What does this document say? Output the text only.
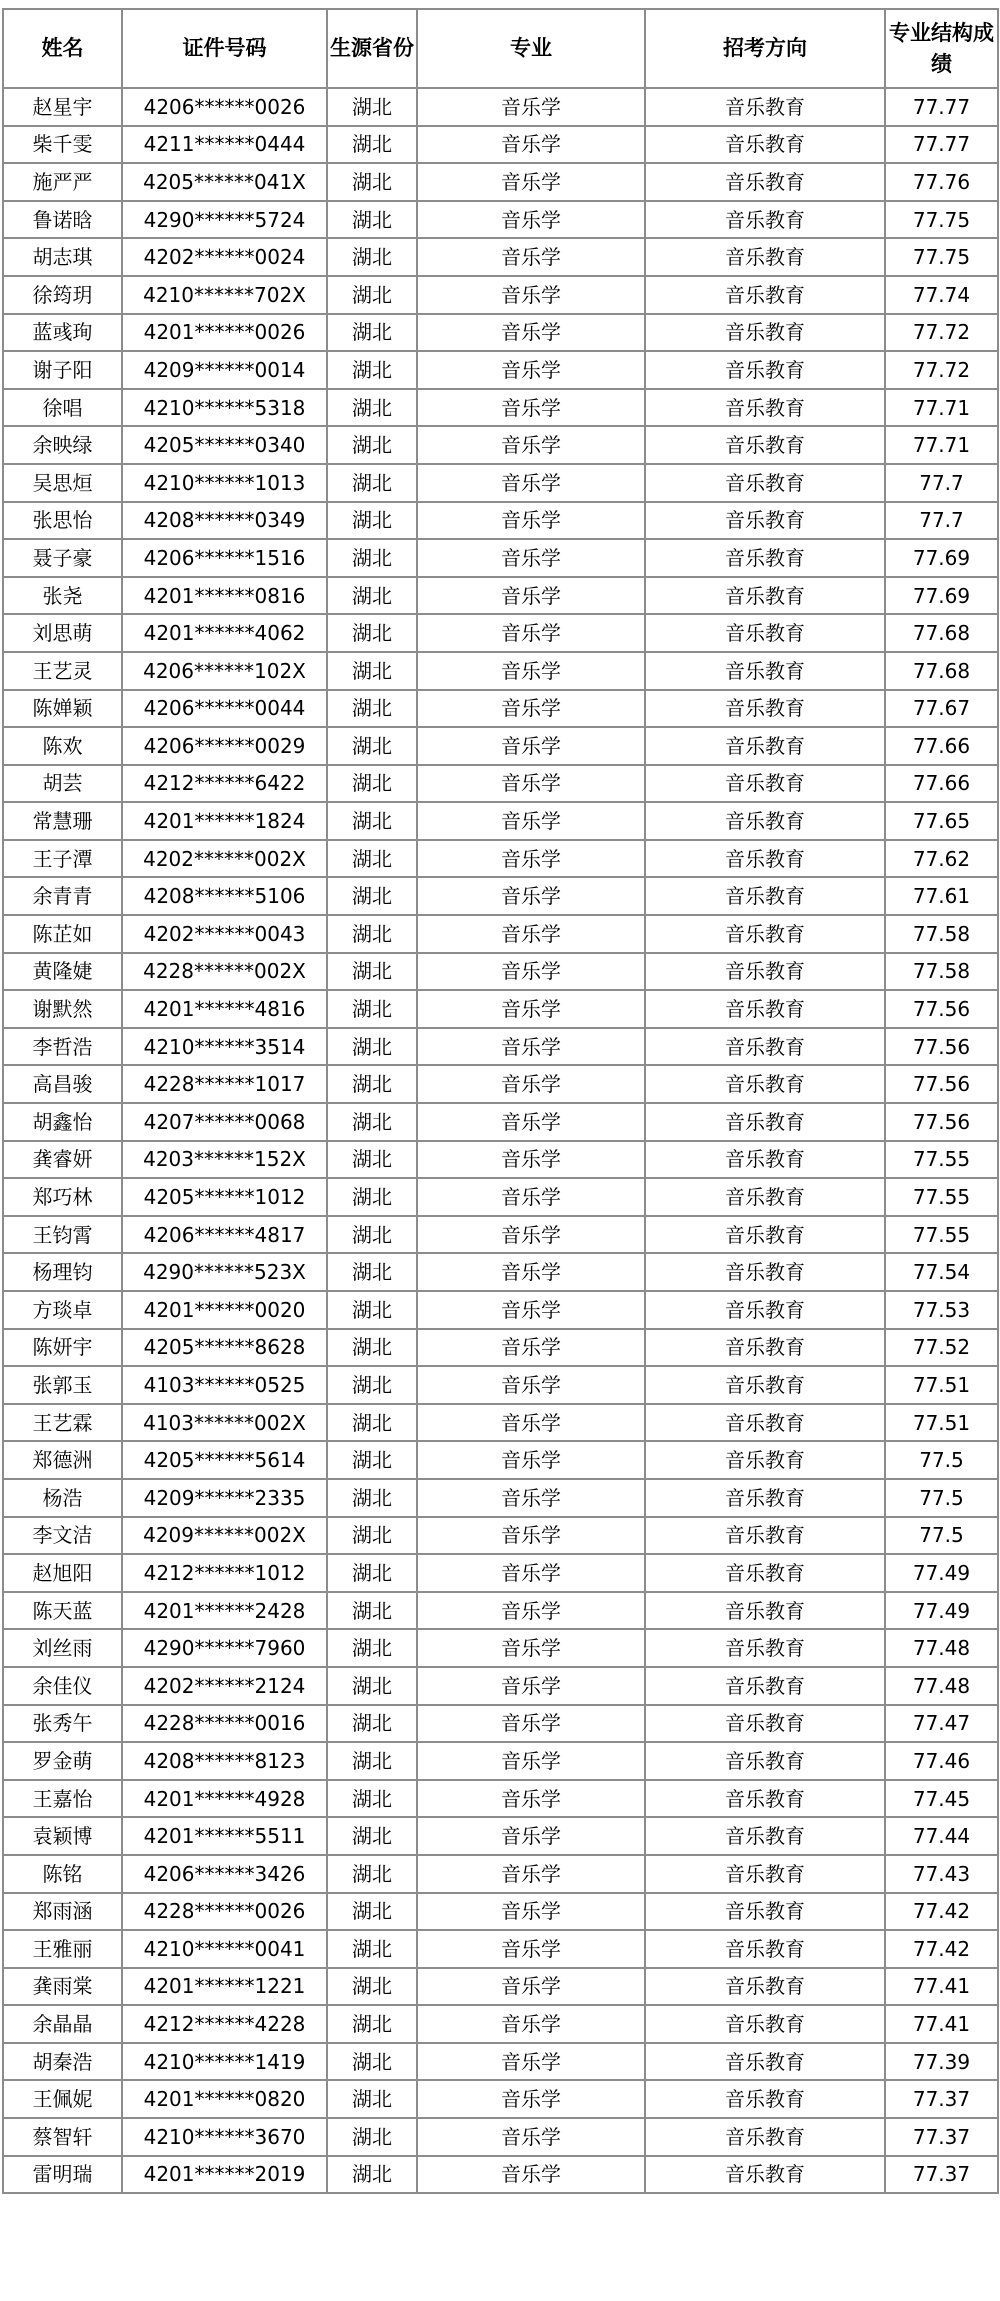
姓名	证件号码	生源省份	专业	招考方向	专业结构成绩
赵星宇	4206******0026	湖北	音乐学	音乐教育	77.77
柴千雯	4211******0444	湖北	音乐学	音乐教育	77.77
施严严	4205******041X	湖北	音乐学	音乐教育	77.76
鲁诺晗	4290******5724	湖北	音乐学	音乐教育	77.75
胡志琪	4202******0024	湖北	音乐学	音乐教育	77.75
徐筠玥	4210******702X	湖北	音乐学	音乐教育	77.74
蓝彧珣	4201******0026	湖北	音乐学	音乐教育	77.72
谢子阳	4209******0014	湖北	音乐学	音乐教育	77.72
徐唱	4210******5318	湖北	音乐学	音乐教育	77.71
余映绿	4205******0340	湖北	音乐学	音乐教育	77.71
吴思烜	4210******1013	湖北	音乐学	音乐教育	77.7
张思怡	4208******0349	湖北	音乐学	音乐教育	77.7
聂子豪	4206******1516	湖北	音乐学	音乐教育	77.69
张尧	4201******0816	湖北	音乐学	音乐教育	77.69
刘思萌	4201******4062	湖北	音乐学	音乐教育	77.68
王艺灵	4206******102X	湖北	音乐学	音乐教育	77.68
陈婵颖	4206******0044	湖北	音乐学	音乐教育	77.67
陈欢	4206******0029	湖北	音乐学	音乐教育	77.66
胡芸	4212******6422	湖北	音乐学	音乐教育	77.66
常慧珊	4201******1824	湖北	音乐学	音乐教育	77.65
王子潭	4202******002X	湖北	音乐学	音乐教育	77.62
余青青	4208******5106	湖北	音乐学	音乐教育	77.61
陈芷如	4202******0043	湖北	音乐学	音乐教育	77.58
黄隆婕	4228******002X	湖北	音乐学	音乐教育	77.58
谢默然	4201******4816	湖北	音乐学	音乐教育	77.56
李哲浩	4210******3514	湖北	音乐学	音乐教育	77.56
高昌骏	4228******1017	湖北	音乐学	音乐教育	77.56
胡鑫怡	4207******0068	湖北	音乐学	音乐教育	77.56
龚睿妍	4203******152X	湖北	音乐学	音乐教育	77.55
郑巧林	4205******1012	湖北	音乐学	音乐教育	77.55
王钧霄	4206******4817	湖北	音乐学	音乐教育	77.55
杨理钧	4290******523X	湖北	音乐学	音乐教育	77.54
方琰卓	4201******0020	湖北	音乐学	音乐教育	77.53
陈妍宇	4205******8628	湖北	音乐学	音乐教育	77.52
张郭玉	4103******0525	湖北	音乐学	音乐教育	77.51
王艺霖	4103******002X	湖北	音乐学	音乐教育	77.51
郑德洲	4205******5614	湖北	音乐学	音乐教育	77.5
杨浩	4209******2335	湖北	音乐学	音乐教育	77.5
李文洁	4209******002X	湖北	音乐学	音乐教育	77.5
赵旭阳	4212******1012	湖北	音乐学	音乐教育	77.49
陈天蓝	4201******2428	湖北	音乐学	音乐教育	77.49
刘丝雨	4290******7960	湖北	音乐学	音乐教育	77.48
余佳仪	4202******2124	湖北	音乐学	音乐教育	77.48
张秀午	4228******0016	湖北	音乐学	音乐教育	77.47
罗金萌	4208******8123	湖北	音乐学	音乐教育	77.46
王嘉怡	4201******4928	湖北	音乐学	音乐教育	77.45
袁颖博	4201******5511	湖北	音乐学	音乐教育	77.44
陈铭	4206******3426	湖北	音乐学	音乐教育	77.43
郑雨涵	4228******0026	湖北	音乐学	音乐教育	77.42
王雅丽	4210******0041	湖北	音乐学	音乐教育	77.42
龚雨棠	4201******1221	湖北	音乐学	音乐教育	77.41
余晶晶	4212******4228	湖北	音乐学	音乐教育	77.41
胡秦浩	4210******1419	湖北	音乐学	音乐教育	77.39
王佩妮	4201******0820	湖北	音乐学	音乐教育	77.37
蔡智轩	4210******3670	湖北	音乐学	音乐教育	77.37
雷明瑞	4201******2019	湖北	音乐学	音乐教育	77.37
